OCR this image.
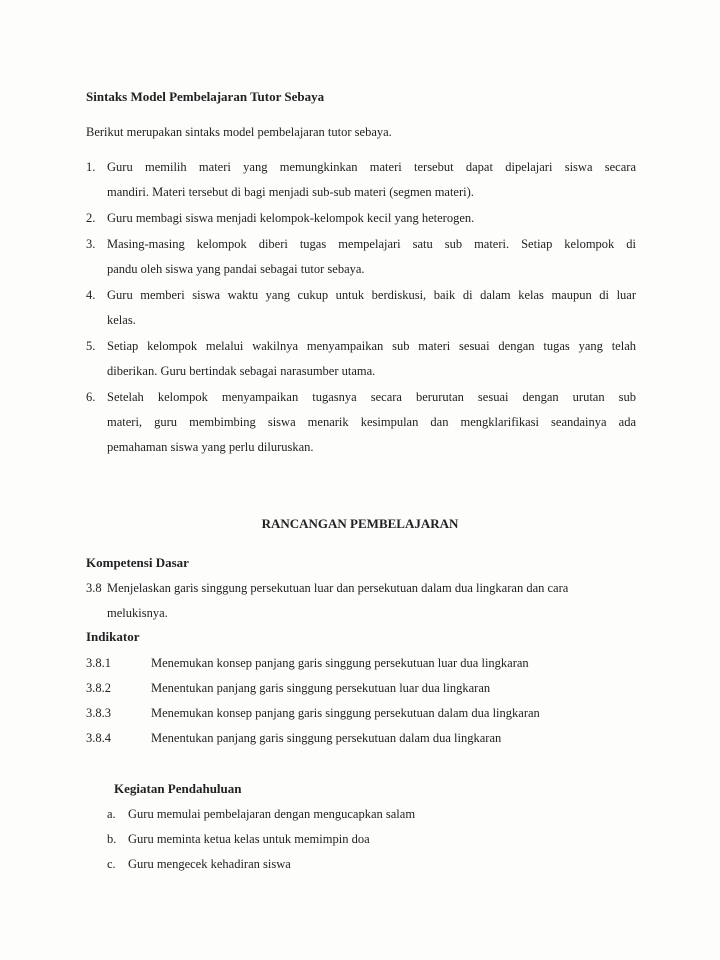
Sintaks Model Pembelajaran Tutor Sebaya
Berikut merupakan sintaks model pembelajaran tutor sebaya.
1. Guru memilih materi yang memungkinkan materi tersebut dapat dipelajari siswa secara
mandiri. Materi tersebut di bagi menjadi sub-sub materi (segmen materi).
2. Guru membagi siswa menjadi kelompok-kelompok kecil yang heterogen.
3. Masing-masing kelompok diberi tugas mempelajari satu sub materi. Setiap kelompok di
pandu oleh siswa yang pandai sebagai tutor sebaya.
4. Guru memberi siswa waktu yang cukup untuk berdiskusi, baik di dalam kelas maupun di luar
kelas.
5. Setiap kelompok melalui wakilnya menyampaikan sub materi sesuai dengan tugas yang telah
diberikan. Guru bertindak sebagai narasumber utama.
6. Setelah kelompok menyampaikan tugasnya secara berurutan sesuai dengan urutan sub
materi, guru membimbing siswa menarik kesimpulan dan mengklarifikasi seandainya ada
pemahaman siswa yang perlu diluruskan.
RANCANGAN PEMBELAJARAN
Kompetensi Dasar
3.8 Menjelaskan garis singgung persekutuan luar dan persekutuan dalam dua lingkaran dan cara
melukisnya.
Indikator
3.8.1	Menemukan konsep panjang garis singgung persekutuan luar dua lingkaran
3.8.2	Menentukan panjang garis singgung persekutuan luar dua lingkaran
3.8.3	Menemukan konsep panjang garis singgung persekutuan dalam dua lingkaran
3.8.4	Menentukan panjang garis singgung persekutuan dalam dua lingkaran
Kegiatan Pendahuluan
a. Guru memulai pembelajaran dengan mengucapkan salam
b. Guru meminta ketua kelas untuk memimpin doa
c. Guru mengecek kehadiran siswa
